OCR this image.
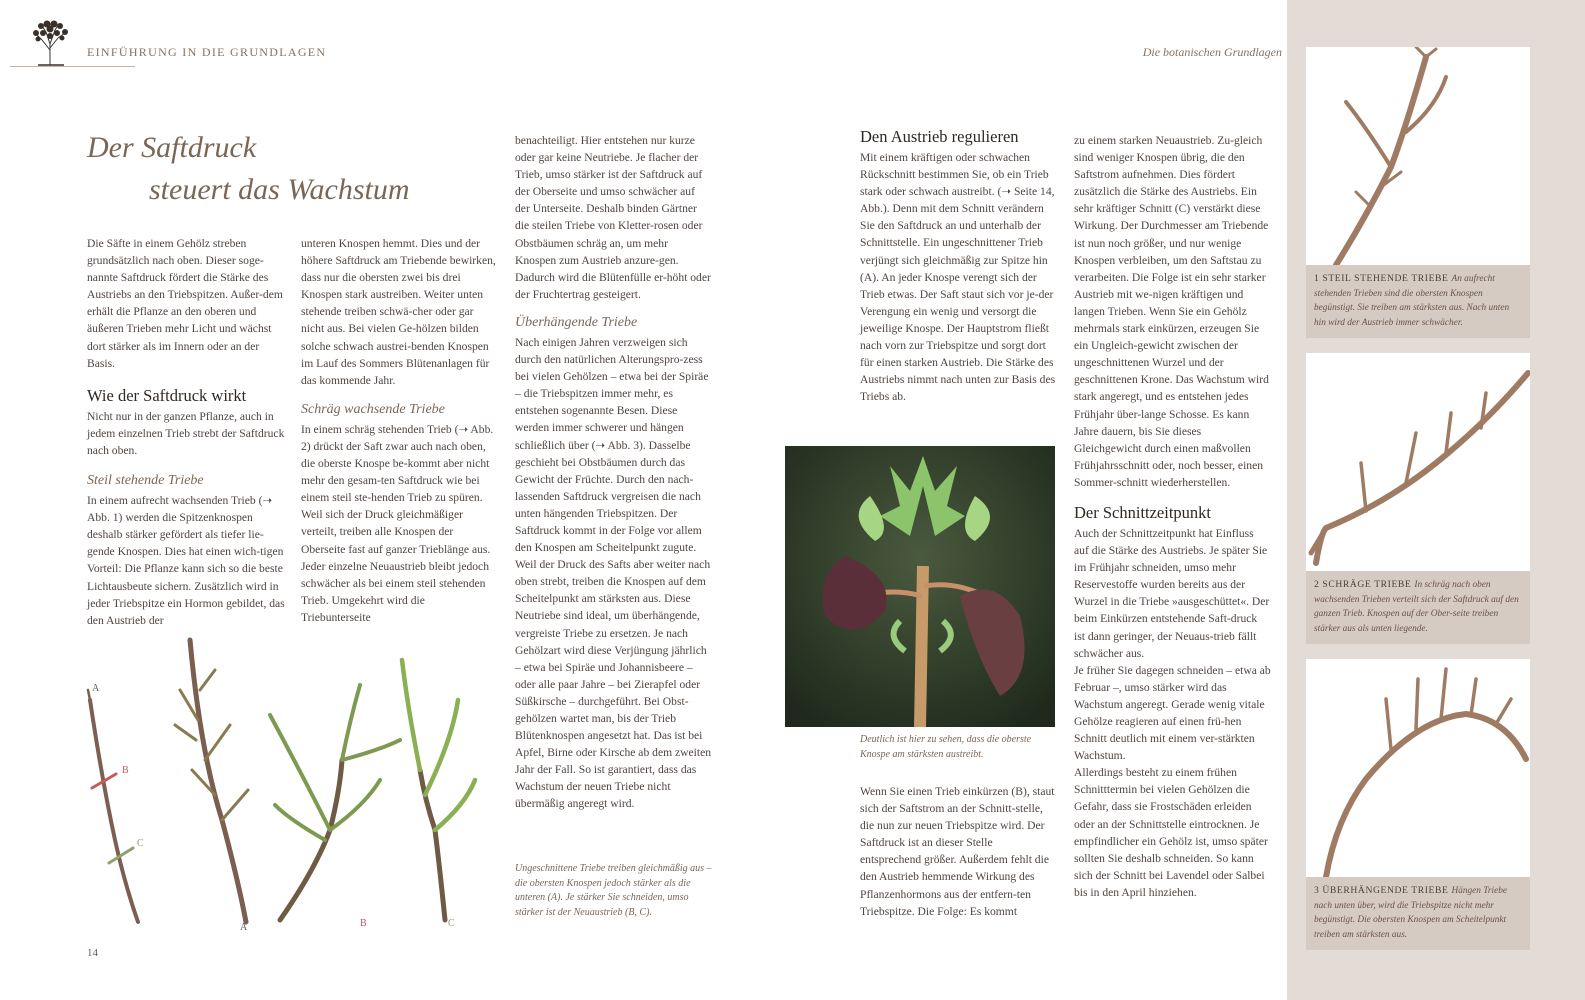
EINFÜHRUNG IN DIE GRUNDLAGEN	Die botanischen Grundlagen
Der Saftdruck
steuert das Wachstum

Die Säfte in einem Gehölz streben grundsätzlich nach oben. Dieser soge-nannte Saftdruck fördert die Stärke des Austriebs an den Triebspitzen. Außer-dem erhält die Pflanze an den oberen und äußeren Trieben mehr Licht und wächst dort stärker als im Innern oder an der Basis.

Wie der Saftdruck wirkt

Nicht nur in der ganzen Pflanze, auch in jedem einzelnen Trieb strebt der Saftdruck nach oben.

Steil stehende Triebe

In einem aufrecht wachsenden Trieb (➝ Abb. 1) werden die Spitzenknospen deshalb stärker gefördert als tiefer lie-gende Knospen. Dies hat einen wich-tigen Vorteil: Die Pflanze kann sich so die beste Lichtausbeute sichern. Zusätzlich wird in jeder Triebspitze ein Hormon gebildet, das den Austrieb der

unteren Knospen hemmt. Dies und der höhere Saftdruck am Triebende bewirken, dass nur die obersten zwei bis drei Knospen stark austreiben. Weiter unten stehende treiben schwä-cher oder gar nicht aus. Bei vielen Ge-hölzen bilden solche schwach austrei-benden Knospen im Lauf des Sommers Blütenanlagen für das kommende Jahr.

Schräg wachsende Triebe

In einem schräg stehenden Trieb (➝ Abb. 2) drückt der Saft zwar auch nach oben, die oberste Knospe be-kommt aber nicht mehr den gesam-ten Saftdruck wie bei einem steil ste-henden Trieb zu spüren. Weil sich der Druck gleichmäßiger verteilt, treiben alle Knospen der Oberseite fast auf ganzer Trieblänge aus. Jeder einzelne Neuaustrieb bleibt jedoch schwächer als bei einem steil stehenden Trieb. Umgekehrt wird die Triebunterseite

benachteiligt. Hier entstehen nur kurze oder gar keine Neutriebe. Je flacher der Trieb, umso stärker ist der Saftdruck auf der Oberseite und umso schwächer auf der Unterseite. Deshalb binden Gärtner die steilen Triebe von Kletter-rosen oder Obstbäumen schräg an, um mehr Knospen zum Austrieb anzure-gen. Dadurch wird die Blütenfülle er-höht oder der Fruchtertrag gesteigert.

Überhängende Triebe

Nach einigen Jahren verzweigen sich durch den natürlichen Alterungspro-zess bei vielen Gehölzen – etwa bei der Spiräe – die Triebspitzen immer mehr, es entstehen sogenannte Besen. Diese werden immer schwerer und hängen schließlich über (➝ Abb. 3). Dasselbe geschieht bei Obstbäumen durch das Gewicht der Früchte. Durch den nach-lassenden Saftdruck vergreisen die nach unten hängenden Triebspitzen. Der Saftdruck kommt in der Folge vor allem den Knospen am Scheitelpunkt zugute. Weil der Druck des Safts aber weiter nach oben strebt, treiben die Knospen auf dem Scheitelpunkt am stärksten aus. Diese Neutriebe sind ideal, um überhängende, vergreiste Triebe zu ersetzen. Je nach Gehölzart wird diese Verjüngung jährlich – etwa bei Spiräe und Johannisbeere – oder alle paar Jahre – bei Zierapfel oder Süßkirsche – durchgeführt. Bei Obst-gehölzen wartet man, bis der Trieb Blütenknospen angesetzt hat. Das ist bei Apfel, Birne oder Kirsche ab dem zweiten Jahr der Fall. So ist garantiert, dass das Wachstum der neuen Triebe nicht übermäßig angeregt wird.

Ungeschnittene Triebe treiben gleichmäßig aus – die obersten Knospen jedoch stärker als die unteren (A). Je stärker Sie schneiden, umso stärker ist der Neuaustrieb (B, C).
A
B
C
A	B	C
14
Den Austrieb regulieren

Mit einem kräftigen oder schwachen Rückschnitt bestimmen Sie, ob ein Trieb stark oder schwach austreibt. (➝ Seite 14, Abb.). Denn mit dem Schnitt verändern Sie den Saftdruck an und unterhalb der Schnittstelle. Ein ungeschnittener Trieb verjüngt sich gleichmäßig zur Spitze hin (A). An jeder Knospe verengt sich der Trieb etwas. Der Saft staut sich vor je-der Verengung ein wenig und versorgt die jeweilige Knospe. Der Hauptstrom fließt nach vorn zur Triebspitze und sorgt dort für einen starken Austrieb. Die Stärke des Austriebs nimmt nach unten zur Basis des Triebs ab.

Deutlich ist hier zu sehen, dass die oberste Knospe am stärksten austreibt.

Wenn Sie einen Trieb einkürzen (B), staut sich der Saftstrom an der Schnitt-stelle, die nun zur neuen Triebspitze wird. Der Saftdruck ist an dieser Stelle entsprechend größer. Außerdem fehlt die den Austrieb hemmende Wirkung des Pflanzenhormons aus der entfern-ten Triebspitze. Die Folge: Es kommt

zu einem starken Neuaustrieb. Zu-gleich sind weniger Knospen übrig, die den Saftstrom aufnehmen. Dies fördert zusätzlich die Stärke des Austriebs. Ein sehr kräftiger Schnitt (C) verstärkt diese Wirkung. Der Durchmesser am Triebende ist nun noch größer, und nur wenige Knospen verbleiben, um den Saftstau zu verarbeiten. Die Folge ist ein sehr starker Austrieb mit we-nigen kräftigen und langen Trieben. Wenn Sie ein Gehölz mehrmals stark einkürzen, erzeugen Sie ein Ungleich-gewicht zwischen der ungeschnittenen Wurzel und der geschnittenen Krone. Das Wachstum wird stark angeregt, und es entstehen jedes Frühjahr über-lange Schosse. Es kann Jahre dauern, bis Sie dieses Gleichgewicht durch einen maßvollen Frühjahrsschnitt oder, noch besser, einen Sommer-schnitt wiederherstellen.

Der Schnittzeitpunkt

Auch der Schnittzeitpunkt hat Einfluss auf die Stärke des Austriebs. Je später Sie im Frühjahr schneiden, umso mehr Reservestoffe wurden bereits aus der Wurzel in die Triebe »ausgeschüttet«. Der beim Einkürzen entstehende Saft-druck ist dann geringer, der Neuaus-trieb fällt schwächer aus.

Je früher Sie dagegen schneiden – etwa ab Februar –, umso stärker wird das Wachstum angeregt. Gerade wenig vitale Gehölze reagieren auf einen frü-hen Schnitt deutlich mit einem ver-stärkten Wachstum.

Allerdings besteht zu einem frühen Schnitttermin bei vielen Gehölzen die Gefahr, dass sie Frostschäden erleiden oder an der Schnittstelle eintrocknen. Je empfindlicher ein Gehölz ist, umso später sollten Sie deshalb schneiden. So kann sich der Schnitt bei Lavendel oder Salbei bis in den April hinziehen.

1 STEIL STEHENDE TRIEBE An aufrecht stehenden Trieben sind die obersten Knospen begünstigt. Sie treiben am stärksten aus. Nach unten hin wird der Austrieb immer schwächer.
2 SCHRÄGE TRIEBE In schräg nach oben wachsenden Trieben verteilt sich der Saftdruck auf den ganzen Trieb. Knospen auf der Ober-seite treiben stärker aus als unten liegende.
3 ÜBERHÄNGENDE TRIEBE Hängen Triebe nach unten über, wird die Triebspitze nicht mehr begünstigt. Die obersten Knospen am Scheitelpunkt treiben am stärksten aus.
